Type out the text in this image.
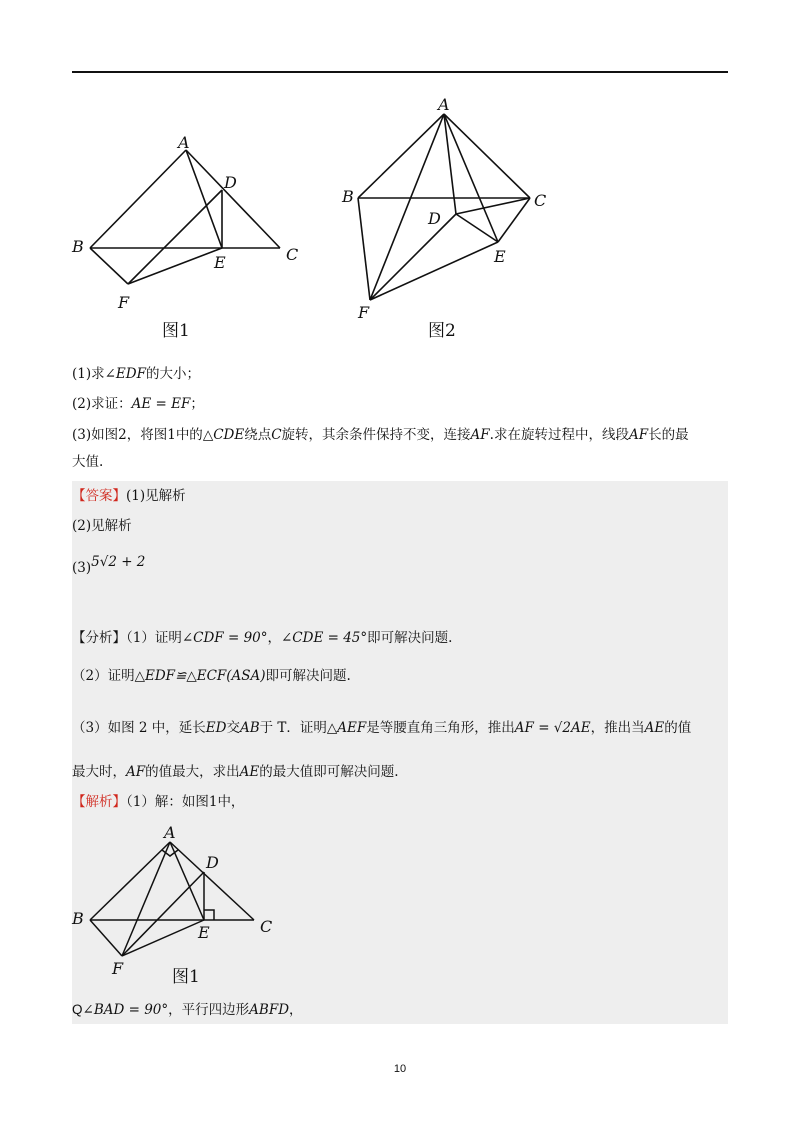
A
B	C
D
E
F
图1
A
B	C
D
E
F
图2
(1)求∠EDF的大小；
(2)求证：AE = EF；
(3)如图2，将图1中的△CDE绕点C旋转，其余条件保持不变，连接AF.求在旋转过程中，线段AF长的最
大值.
【答案】(1)见解析
(2)见解析
(3)5√2 + 2
【分析】（1）证明∠CDF = 90°，∠CDE = 45°即可解决问题.
（2）证明△EDF≌△ECF(ASA)即可解决问题.
（3）如图 2 中，延长ED交AB于 T．证明△AEF是等腰直角三角形，推出AF = √2AE，推出当AE的值
最大时，AF的值最大，求出AE的最大值即可解决问题.
【解析】（1）解：如图1中，
A
B	C
D
E
F	图1
Q∠BAD = 90°，平行四边形ABFD，
10
